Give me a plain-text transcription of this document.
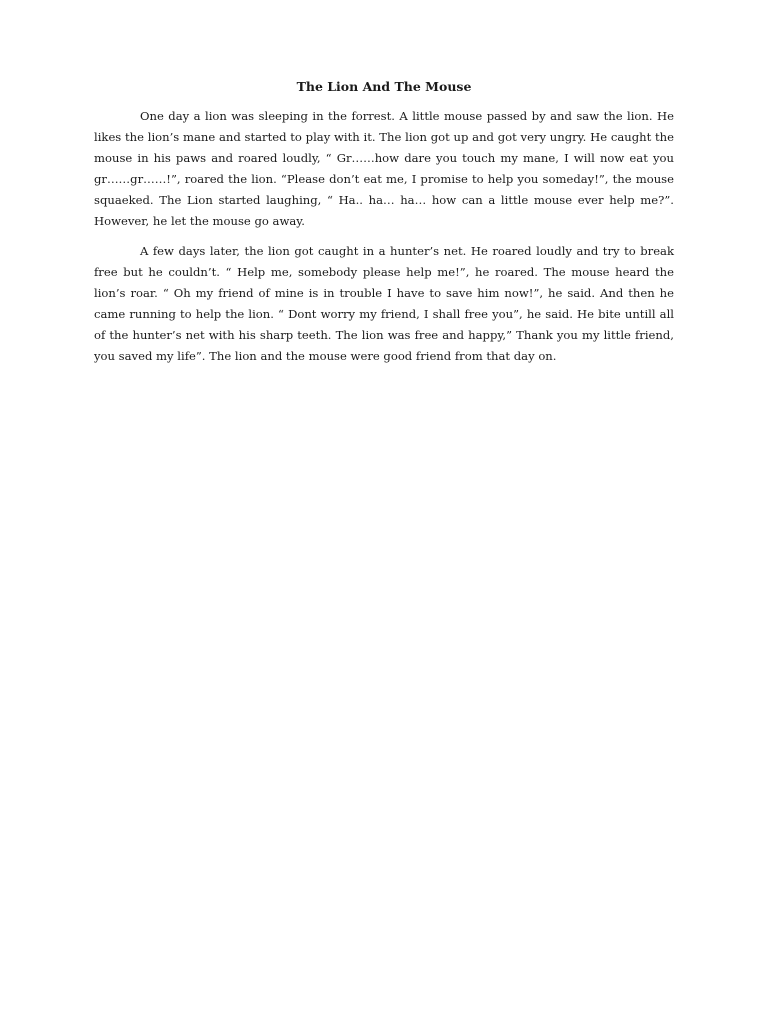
The Lion And The Mouse

One day a lion was sleeping in the forrest. A little mouse passed by and saw the lion. He likes the lion’s mane and started to play with it. The lion got up and got very ungry. He caught the mouse in his paws and roared loudly, “ Gr……how dare you touch my mane, I will now eat you gr……gr……!”, roared the lion. “Please don’t eat me, I promise to help you someday!”, the mouse squaeked. The Lion started laughing, “ Ha.. ha… ha… how can a little mouse ever help me?”. However, he let the mouse go away.

A few days later, the lion got caught in a hunter’s net. He roared loudly and try to break free but he couldn’t. “ Help me, somebody please help me!”, he roared. The mouse heard the lion’s roar. “ Oh my friend of mine is in trouble I have to save him now!”, he said. And then he came running to help the lion. “ Dont worry my friend, I shall free you”, he said. He bite untill all of the hunter’s net with his sharp teeth. The lion was free and happy,” Thank you my little friend, you saved my life”. The lion and the mouse were good friend from that day on.
